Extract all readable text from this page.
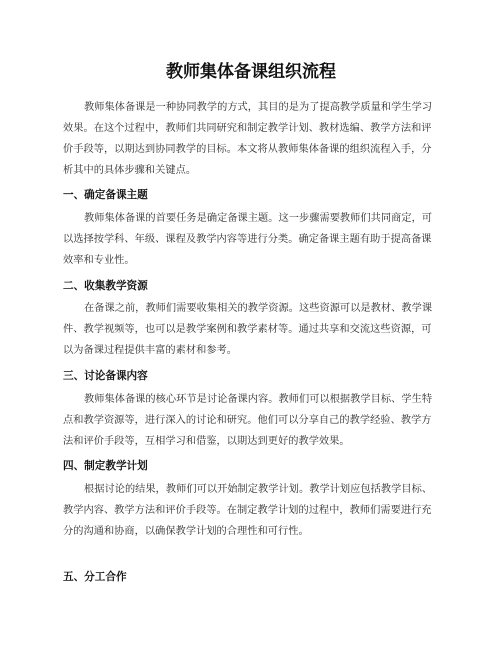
教师集体备课组织流程

教师集体备课是一种协同教学的方式，其目的是为了提高教学质量和学生学习效果。在这个过程中，教师们共同研究和制定教学计划、教材选编、教学方法和评价手段等，以期达到协同教学的目标。本文将从教师集体备课的组织流程入手，分析其中的具体步骤和关键点。

一、确定备课主题

教师集体备课的首要任务是确定备课主题。这一步骤需要教师们共同商定，可以选择按学科、年级、课程及教学内容等进行分类。确定备课主题有助于提高备课效率和专业性。

二、收集教学资源

在备课之前，教师们需要收集相关的教学资源。这些资源可以是教材、教学课件、教学视频等，也可以是教学案例和教学素材等。通过共享和交流这些资源，可以为备课过程提供丰富的素材和参考。

三、讨论备课内容

教师集体备课的核心环节是讨论备课内容。教师们可以根据教学目标、学生特点和教学资源等，进行深入的讨论和研究。他们可以分享自己的教学经验、教学方法和评价手段等，互相学习和借鉴，以期达到更好的教学效果。

四、制定教学计划

根据讨论的结果，教师们可以开始制定教学计划。教学计划应包括教学目标、教学内容、教学方法和评价手段等。在制定教学计划的过程中，教师们需要进行充分的沟通和协商，以确保教学计划的合理性和可行性。

五、分工合作
